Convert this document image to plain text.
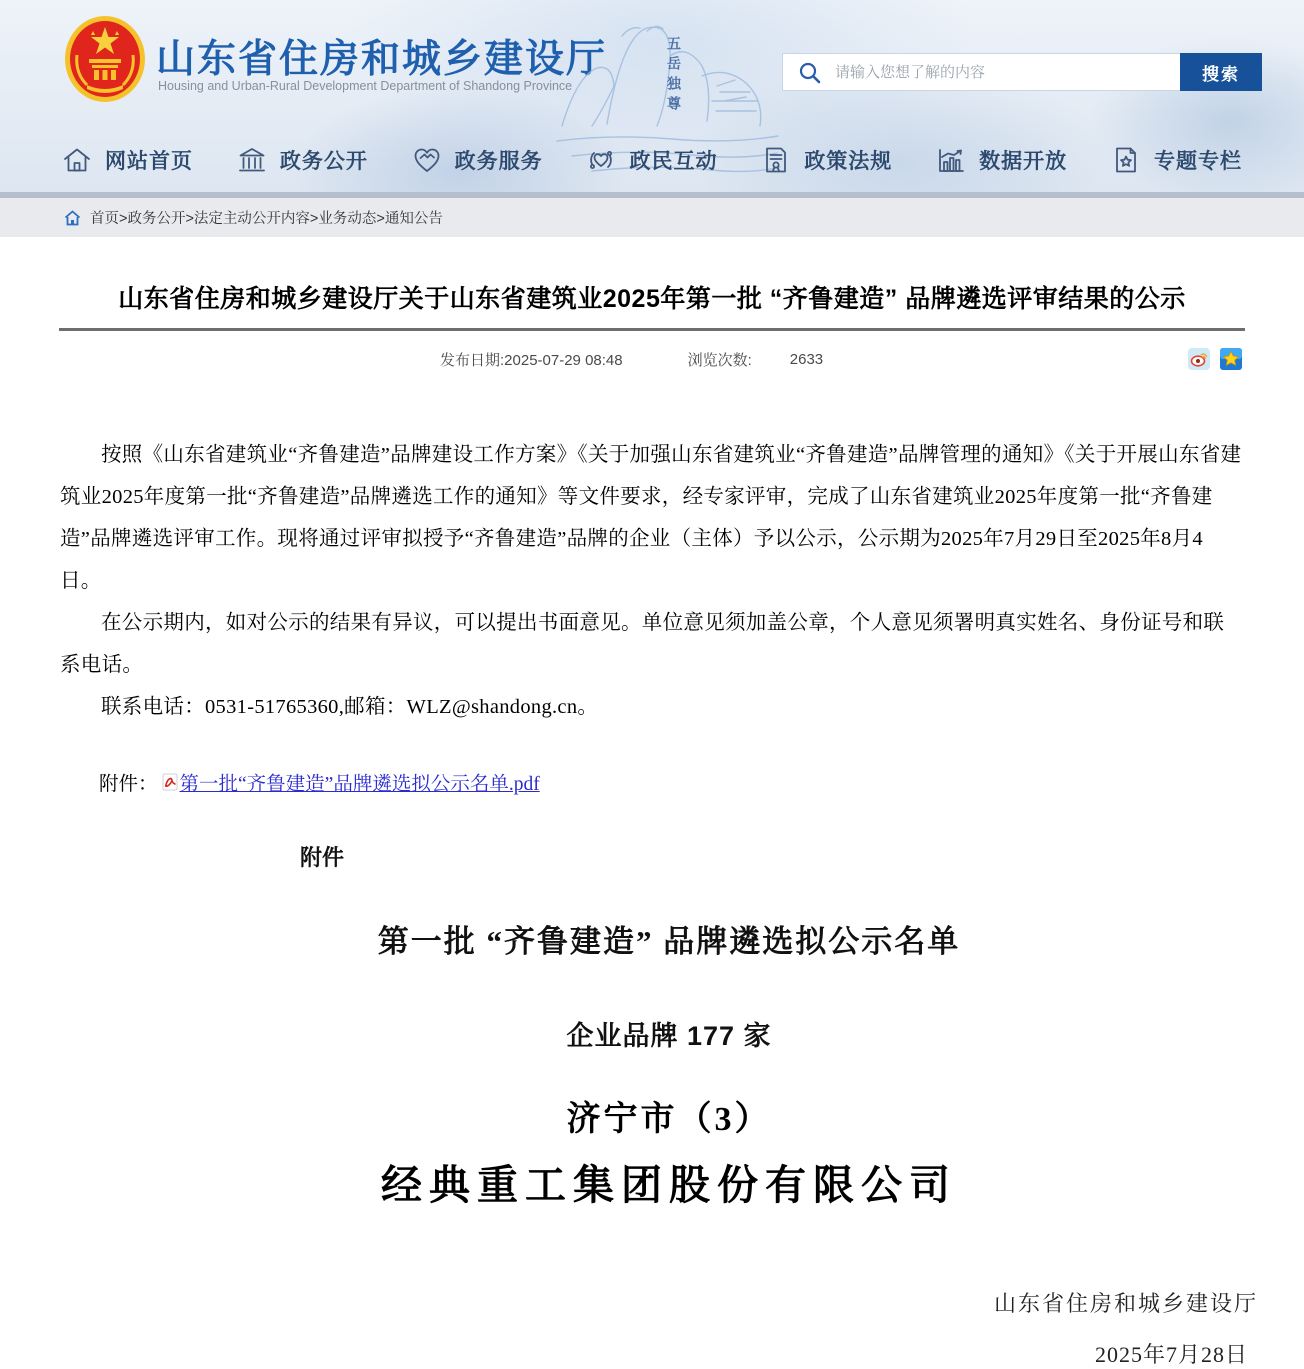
山东省住房和城乡建设厅
Housing and Urban-Rural Development Department of Shandong Province	五岳独尊
请输入您想了解的内容	搜索
网站首页	政务公开	政务服务	政民互动	政策法规	数据开放	专题专栏
首页>政务公开>法定主动公开内容>业务动态>通知公告
山东省住房和城乡建设厅关于山东省建筑业2025年第一批 “齐鲁建造” 品牌遴选评审结果的公示
发布日期:2025-07-29 08:48	浏览次数:	2633

按照《山东省建筑业“齐鲁建造”品牌建设工作方案》《关于加强山东省建筑业“齐鲁建造”品牌管理的通知》《关于开展山东省建筑业2025年度第一批“齐鲁建造”品牌遴选工作的通知》等文件要求，经专家评审，完成了山东省建筑业2025年度第一批“齐鲁建造”品牌遴选评审工作。现将通过评审拟授予“齐鲁建造”品牌的企业（主体）予以公示，公示期为2025年7月29日至2025年8月4日。

在公示期内，如对公示的结果有异议，可以提出书面意见。单位意见须加盖公章，个人意见须署明真实姓名、身份证号和联系电话。

联系电话：0531-51765360,邮箱：WLZ@shandong.cn。

附件： 第一批“齐鲁建造”品牌遴选拟公示名单.pdf
附件
第一批 “齐鲁建造” 品牌遴选拟公示名单
企业品牌 177 家
济宁市（3）
经典重工集团股份有限公司
山东省住房和城乡建设厅
2025年7月28日
